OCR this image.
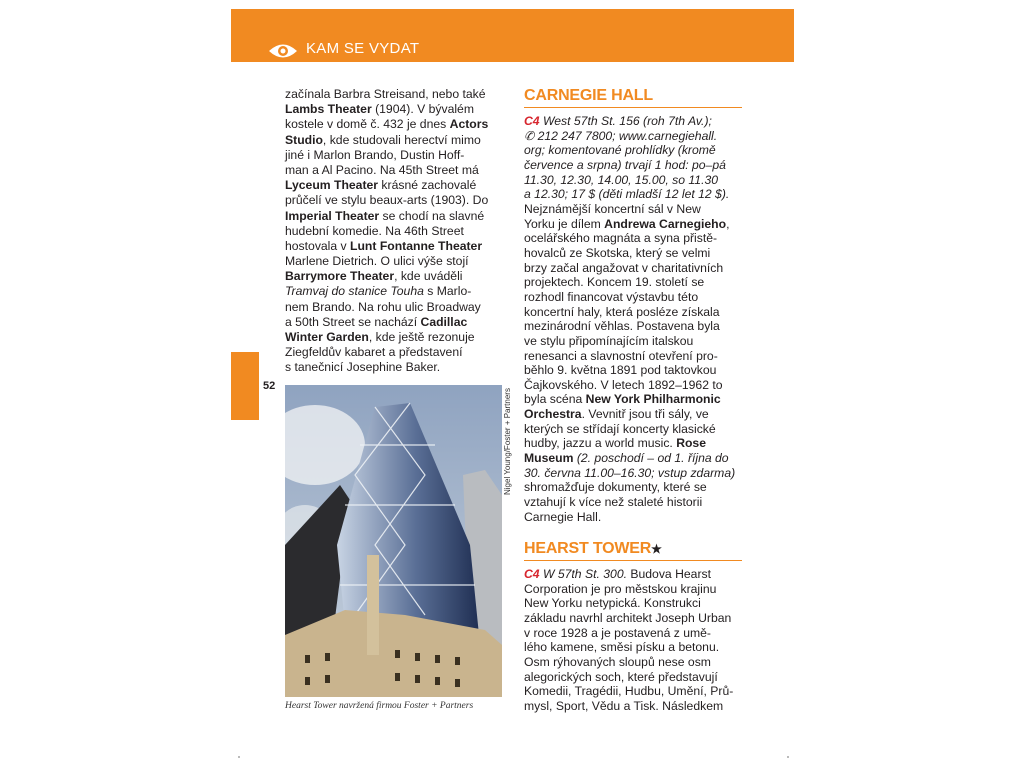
KAM SE VYDAT
52
začínala Barbra Streisand, nebo také
Lambs Theater (1904). V bývalém
kostele v domě č. 432 je dnes Actors
Studio, kde studovali herectví mimo
jiné i Marlon Brando, Dustin Hoff-
man a Al Pacino. Na 45th Street má
Lyceum Theater krásné zachovalé
průčelí ve stylu beaux-arts (1903). Do
Imperial Theater se chodí na slavné
hudební komedie. Na 46th Street
hostovala v Lunt Fontanne Theater
Marlene Dietrich. O ulici výše stojí
Barrymore Theater, kde uváděli
Tramvaj do stanice Touha s Marlo-
nem Brando. Na rohu ulic Broadway
a 50th Street se nachází Cadillac
Winter Garden, kde ještě rezonuje
Ziegfeldův kabaret a představení
s tanečnicí Josephine Baker.
Nigel Young/Foster + Partners
Hearst Tower navržená firmou Foster + Partners
CARNEGIE HALL
C4 West 57th St. 156 (roh 7th Av.);
✆ 212 247 7800; www.carnegiehall.
org; komentované prohlídky (kromě
července a srpna) trvají 1 hod: po–pá
11.30, 12.30, 14.00, 15.00, so 11.30
a 12.30; 17 $ (děti mladší 12 let 12 $).
Nejznámější koncertní sál v New
Yorku je dílem Andrewa Carnegieho,
ocelářského magnáta a syna přistě-
hovalců ze Skotska, který se velmi
brzy začal angažovat v charitativních
projektech. Koncem 19. století se
rozhodl financovat výstavbu této
koncertní haly, která posléze získala
mezinárodní věhlas. Postavena byla
ve stylu připomínajícím italskou
renesanci a slavnostní otevření pro-
běhlo 9. května 1891 pod taktovkou
Čajkovského. V letech 1892–1962 to
byla scéna New York Philharmonic
Orchestra. Vevnitř jsou tři sály, ve
kterých se střídají koncerty klasické
hudby, jazzu a world music. Rose
Museum (2. poschodí – od 1. října do
30. června 11.00–16.30; vstup zdarma)
shromažďuje dokumenty, které se
vztahují k více než staleté historii
Carnegie Hall.
HEARST TOWER★
C4 W 57th St. 300. Budova Hearst
Corporation je pro městskou krajinu
New Yorku netypická. Konstrukci
základu navrhl architekt Joseph Urban
v roce 1928 a je postavená z umě-
lého kamene, směsi písku a betonu.
Osm rýhovaných sloupů nese osm
alegorických soch, které představují
Komedii, Tragédii, Hudbu, Umění, Prů-
mysl, Sport, Vědu a Tisk. Následkem
